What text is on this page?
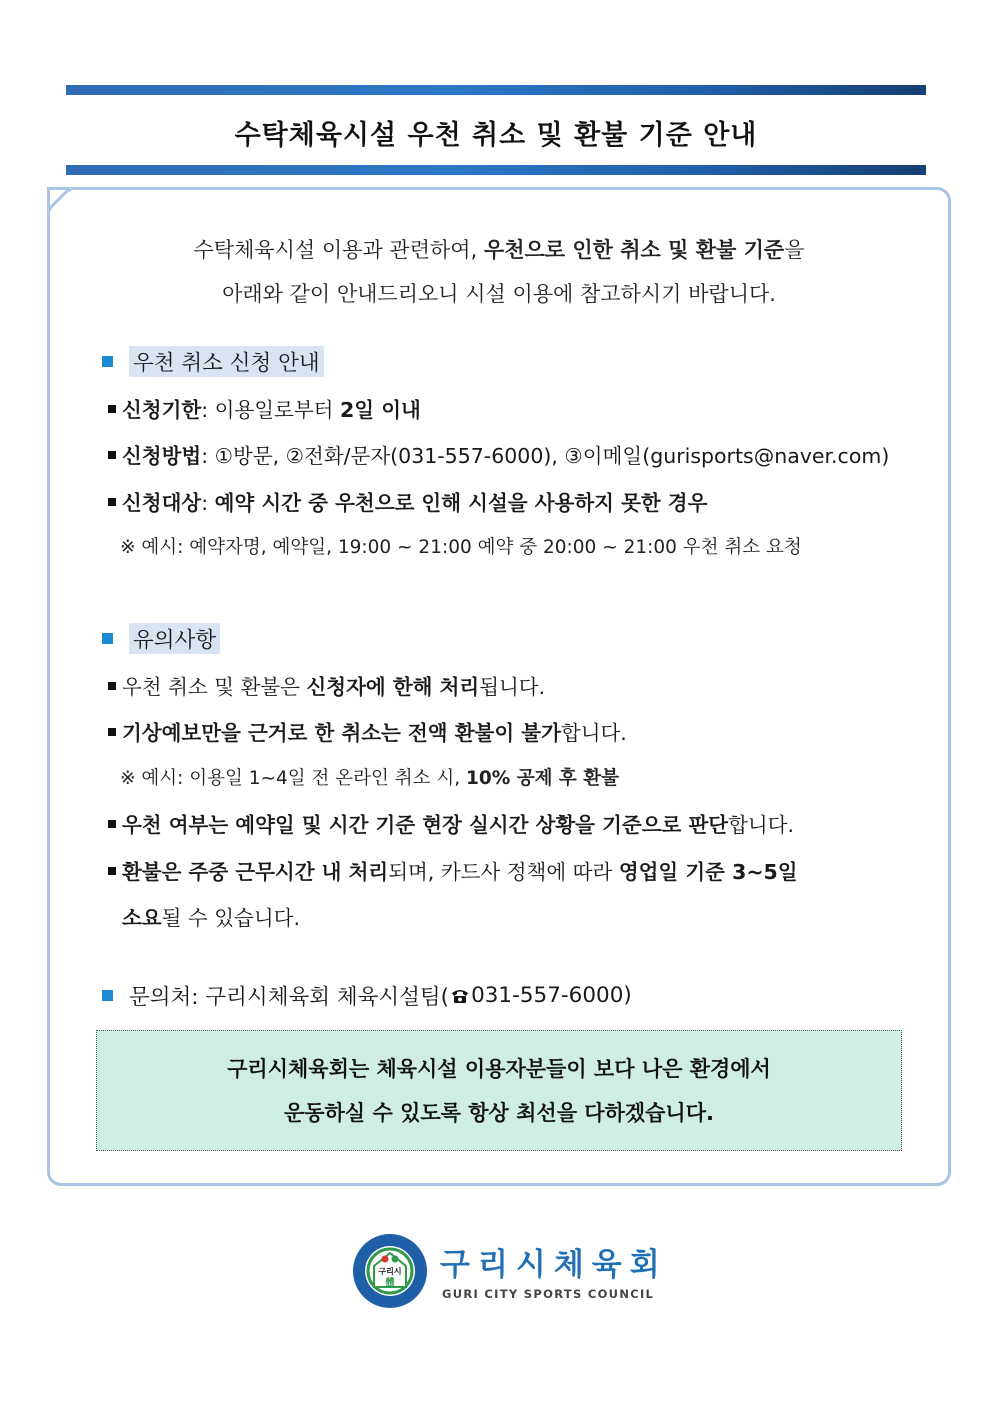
수탁체육시설 우천 취소 및 환불 기준 안내
수탁체육시설 이용과 관련하여, 우천으로 인한 취소 및 환불 기준을
아래와 같이 안내드리오니 시설 이용에 참고하시기 바랍니다.
우천 취소 신청 안내
신청기한: 이용일로부터 2일 이내
신청방법: ①방문, ②전화/문자(031-557-6000), ③이메일(gurisports@naver.com)
신청대상: 예약 시간 중 우천으로 인해 시설을 사용하지 못한 경우
※ 예시: 예약자명, 예약일, 19:00 ~ 21:00 예약 중 20:00 ~ 21:00 우천 취소 요청
유의사항
우천 취소 및 환불은 신청자에 한해 처리됩니다.
기상예보만을 근거로 한 취소는 전액 환불이 불가합니다.
※ 예시: 이용일 1~4일 전 온라인 취소 시, 10% 공제 후 환불
우천 여부는 예약일 및 시간 기준 현장 실시간 상황을 기준으로 판단합니다.
환불은 주중 근무시간 내 처리되며, 카드사 정책에 따라 영업일 기준 3~5일
소요될 수 있습니다.
문의처: 구리시체육회 체육시설팀( 031-557-6000)
구리시체육회는 체육시설 이용자분들이 보다 나은 환경에서
운동하실 수 있도록 항상 최선을 다하겠습니다.
구리시
體 구리시체육회
GURI CITY SPORTS COUNCIL
